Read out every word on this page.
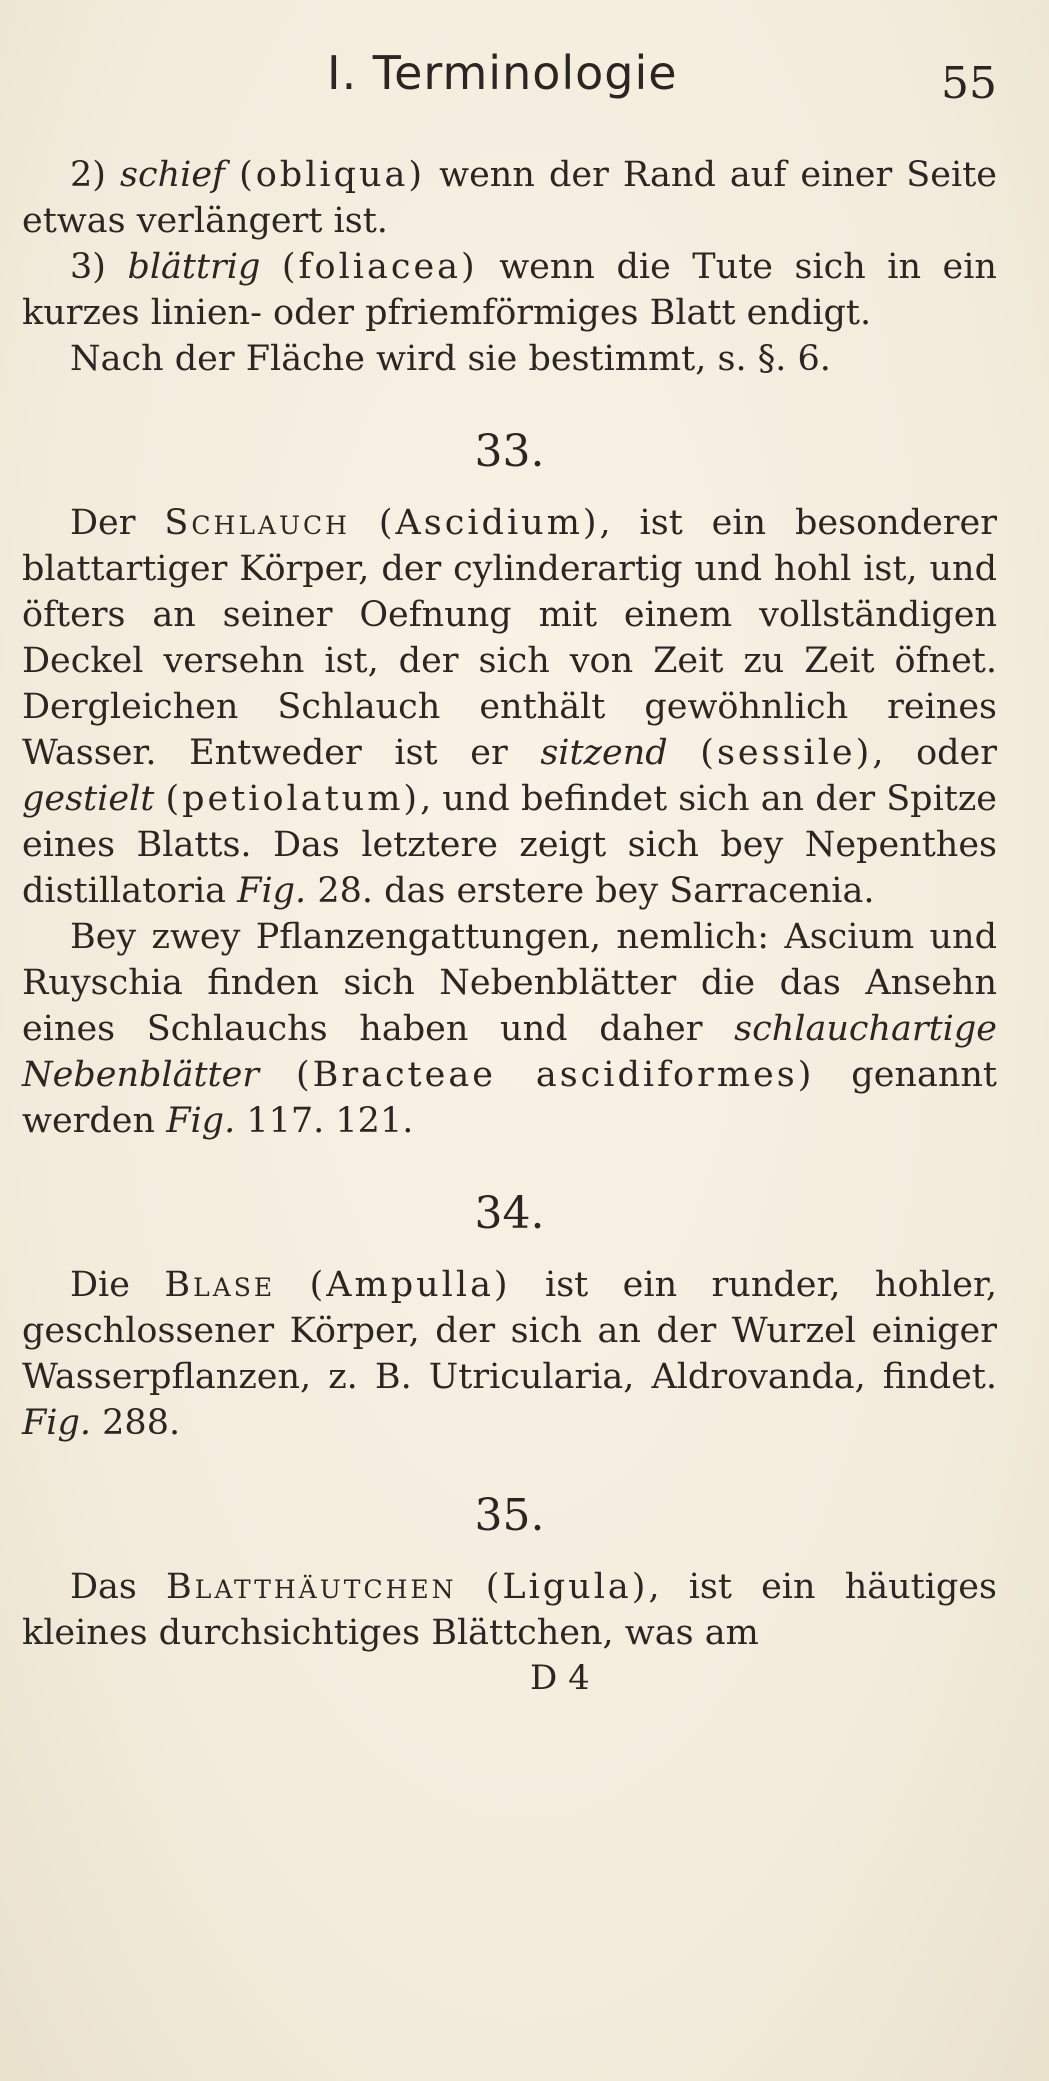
I. Terminologie	55

2) schief (obliqua) wenn der Rand auf einer Seite etwas verlängert ist.

3) blättrig (foliacea) wenn die Tute sich in ein kurzes linien- oder pfriemförmiges Blatt endigt.

Nach der Fläche wird sie bestimmt, s. §. 6.

33.

Der Schlauch (Ascidium), ist ein besonderer blattartiger Körper, der cylinderartig und hohl ist, und öfters an seiner Oefnung mit einem vollständigen Deckel versehn ist, der sich von Zeit zu Zeit öfnet. Dergleichen Schlauch enthält gewöhnlich reines Wasser. Entweder ist er sitzend (sessile), oder gestielt (petiolatum), und befindet sich an der Spitze eines Blatts. Das letztere zeigt sich bey Nepenthes distillatoria Fig. 28. das erstere bey Sarracenia.

Bey zwey Pflanzengattungen, nemlich: Ascium und Ruyschia finden sich Nebenblätter die das Ansehn eines Schlauchs haben und daher schlauchartige Nebenblätter (Bracteae ascidiformes) genannt werden Fig. 117. 121.

34.

Die Blase (Ampulla) ist ein runder, hohler, geschlossener Körper, der sich an der Wurzel einiger Wasserpflanzen, z. B. Utricularia, Aldrovanda, findet. Fig. 288.

35.

Das Blatthäutchen (Ligula), ist ein häutiges kleines durchsichtiges Blättchen, was am

D 4
